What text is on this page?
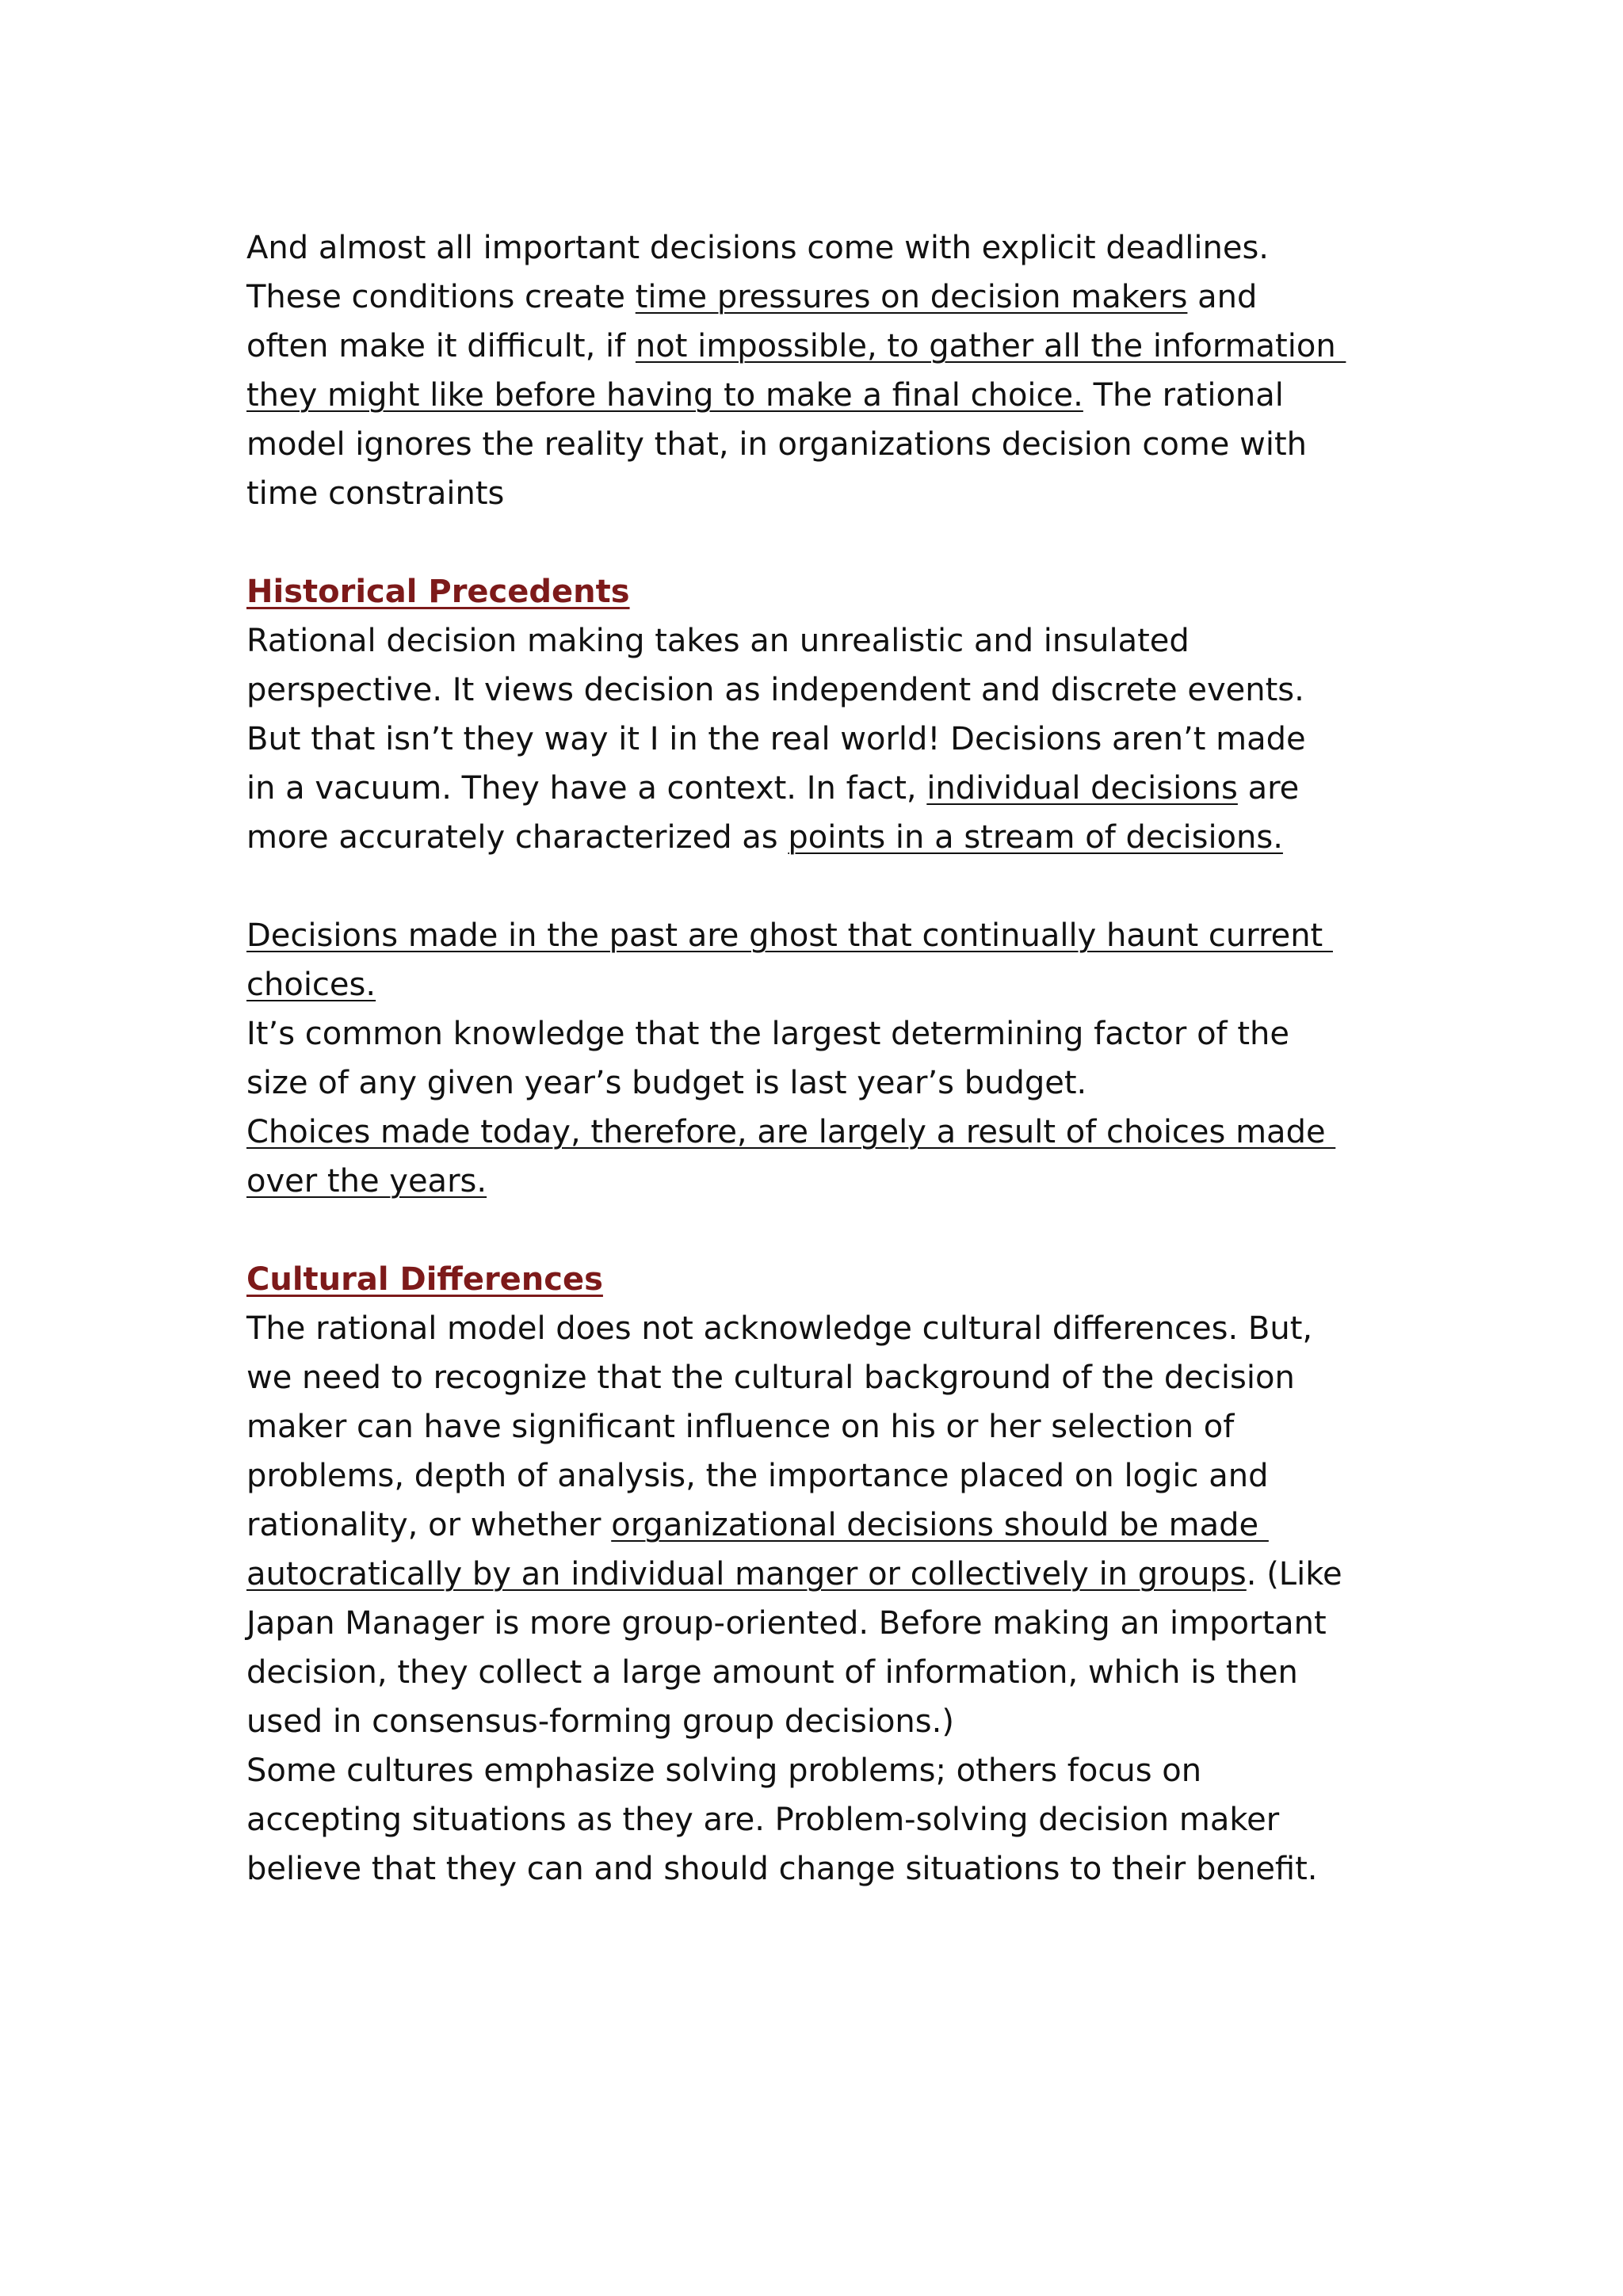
And almost all important decisions come with explicit deadlines.
These conditions create time pressures on decision makers and
often make it difficult, if not impossible, to gather all the information
they might like before having to make a final choice. The rational
model ignores the reality that, in organizations decision come with
time constraints
Historical Precedents
Rational decision making takes an unrealistic and insulated
perspective. It views decision as independent and discrete events.
But that isn’t they way it I in the real world! Decisions aren’t made
in a vacuum. They have a context. In fact, individual decisions are
more accurately characterized as points in a stream of decisions.
Decisions made in the past are ghost that continually haunt current
choices.
It’s common knowledge that the largest determining factor of the
size of any given year’s budget is last year’s budget.
Choices made today, therefore, are largely a result of choices made
over the years.
Cultural Differences
The rational model does not acknowledge cultural differences. But,
we need to recognize that the cultural background of the decision
maker can have significant influence on his or her selection of
problems, depth of analysis, the importance placed on logic and
rationality, or whether organizational decisions should be made
autocratically by an individual manger or collectively in groups. (Like
Japan Manager is more group-oriented. Before making an important
decision, they collect a large amount of information, which is then
used in consensus-forming group decisions.)
Some cultures emphasize solving problems; others focus on
accepting situations as they are. Problem-solving decision maker
believe that they can and should change situations to their benefit.
